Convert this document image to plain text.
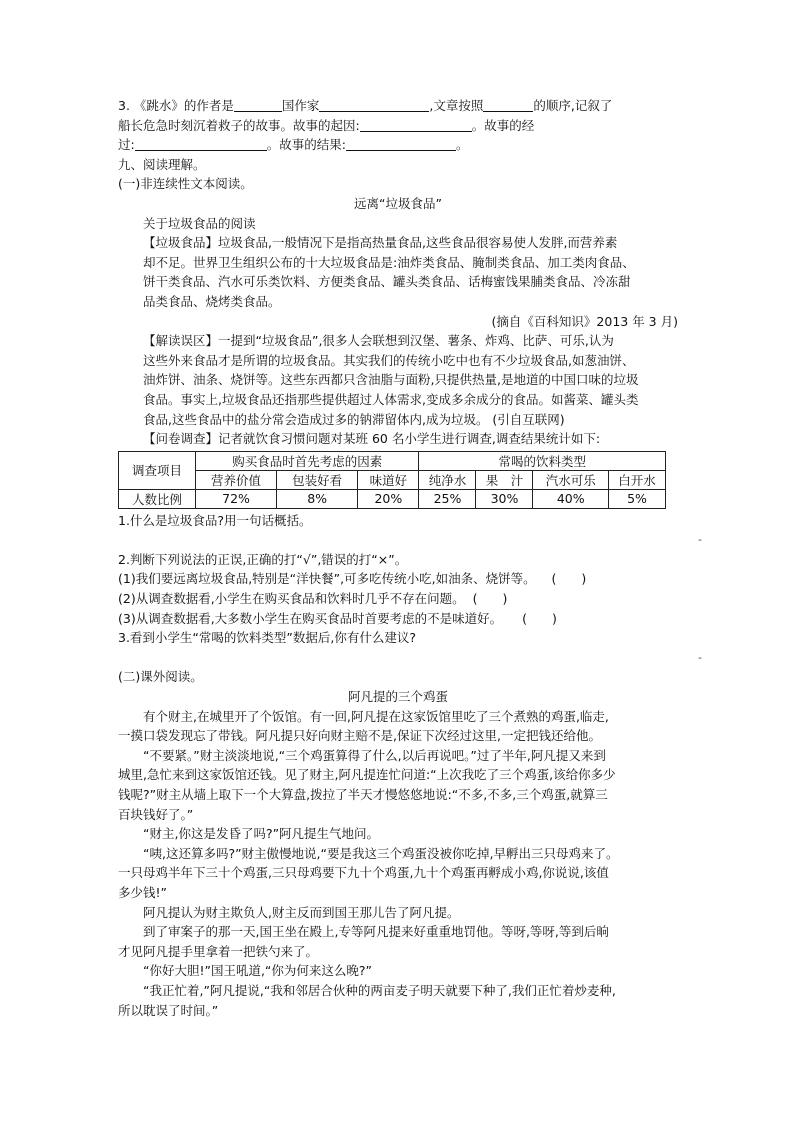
3. 《跳水》的作者是	国作家	,文章按照	的顺序,记叙了
船长危急时刻沉着救子的故事。故事的起因:	。故事的经
过:	。故事的结果:	。
九、阅读理解。
(一)非连续性文本阅读。
远离“垃圾食品”
关于垃圾食品的阅读
【垃圾食品】垃圾食品,一般情况下是指高热量食品,这些食品很容易使人发胖,而营养素
却不足。世界卫生组织公布的十大垃圾食品是:油炸类食品、腌制类食品、加工类肉食品、
饼干类食品、汽水可乐类饮料、方便类食品、罐头类食品、话梅蜜饯果脯类食品、冷冻甜
品类食品、烧烤类食品。
(摘自《百科知识》2013 年 3 月)
【解读误区】一提到“垃圾食品”,很多人会联想到汉堡、薯条、炸鸡、比萨、可乐,认为
这些外来食品才是所谓的垃圾食品。其实我们的传统小吃中也有不少垃圾食品,如葱油饼、
油炸饼、油条、烧饼等。这些东西都只含油脂与面粉,只提供热量,是地道的中国口味的垃圾
食品。事实上,垃圾食品还指那些提供超过人体需求,变成多余成分的食品。如酱菜、罐头类
食品,这些食品中的盐分常会造成过多的钠滞留体内,成为垃圾。 (引自互联网)
【问卷调查】记者就饮食习惯问题对某班 60 名小学生进行调查,调查结果统计如下:
调查项目	购买食品时首先考虑的因素			常喝的饮料类型			
	营养价值	包装好看	味道好	纯净水	果　汁	汽水可乐	白开水
人数比例	72%	8%	20%	25%	30%	40%	5%
1.什么是垃圾食品?用一句话概括。
-
2.判断下列说法的正误,正确的打“√”,错误的打“×”。
(1)我们要远离垃圾食品,特别是“洋快餐”,可多吃传统小吃,如油条、烧饼等。 (　　)
(2)从调查数据看,小学生在购买食品和饮料时几乎不存在问题。 (　　)
(3)从调查数据看,大多数小学生在购买食品时首要考虑的不是味道好。 (　　)
3.看到小学生“常喝的饮料类型”数据后,你有什么建议?
-
(二)课外阅读。
阿凡提的三个鸡蛋
有个财主,在城里开了个饭馆。有一回,阿凡提在这家饭馆里吃了三个煮熟的鸡蛋,临走,
一摸口袋发现忘了带钱。阿凡提只好向财主赔不是,保证下次经过这里,一定把钱还给他。
“不要紧。”财主淡淡地说,“三个鸡蛋算得了什么,以后再说吧。”过了半年,阿凡提又来到
城里,急忙来到这家饭馆还钱。见了财主,阿凡提连忙问道:“上次我吃了三个鸡蛋,该给你多少
钱呢?”财主从墙上取下一个大算盘,拨拉了半天才慢悠悠地说:“不多,不多,三个鸡蛋,就算三
百块钱好了。”
“财主,你这是发昏了吗?”阿凡提生气地问。
“咦,这还算多吗?”财主傲慢地说,“要是我这三个鸡蛋没被你吃掉,早孵出三只母鸡来了。
一只母鸡半年下三十个鸡蛋,三只母鸡要下九十个鸡蛋,九十个鸡蛋再孵成小鸡,你说说,该值
多少钱!”
阿凡提认为财主欺负人,财主反而到国王那儿告了阿凡提。
到了审案子的那一天,国王坐在殿上,专等阿凡提来好重重地罚他。等呀,等呀,等到后晌
才见阿凡提手里拿着一把铁勺来了。
“你好大胆!”国王吼道,“你为何来这么晚?”
“我正忙着,”阿凡提说,“我和邻居合伙种的两亩麦子明天就要下种了,我们正忙着炒麦种,
所以耽误了时间。”
